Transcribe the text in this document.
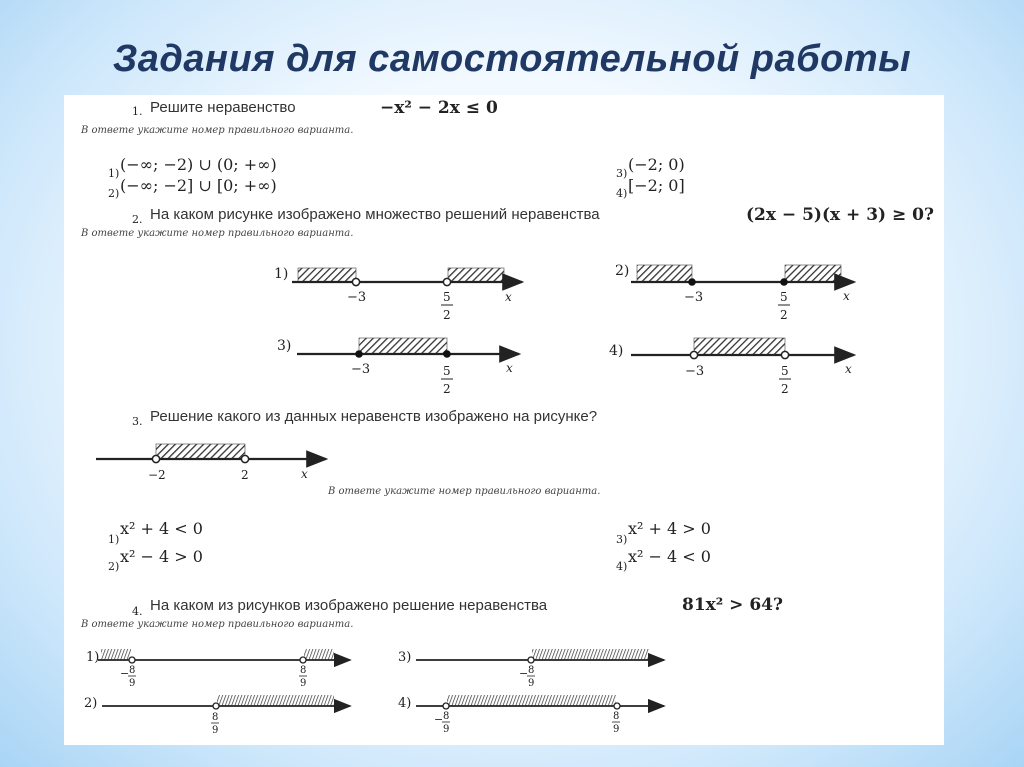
Задания для самостоятельной работы
1. Решите неравенство	−x² − 2x ≤ 0
В ответе укажите номер правильного варианта.
1) (−∞; −2) ∪ (0; +∞)
2) (−∞; −2] ∪ [0; +∞)
3) (−2; 0)
4) [−2; 0]
2. На каком рисунке изображено множество решений неравенства	(2x − 5)(x + 3) ≥ 0?
В ответе укажите номер правильного варианта.
1)
−3	5
2
x
2)
−3	5
2
x
3)
−3	5
2
x
4)
−3	5
2
x
−2	2	x
1)
− 8
9
8
9
2)
8
9
3)
− 8
9
4)
− 8
9
8
9
3. Решение какого из данных неравенств изображено на рисунке?
В ответе укажите номер правильного варианта.
1)
x² + 4 < 0
2)
x² − 4 > 0
3)
x² + 4 > 0
4)
x² − 4 < 0
4. На каком из рисунков изображено решение неравенства	81x² > 64?
В ответе укажите номер правильного варианта.
